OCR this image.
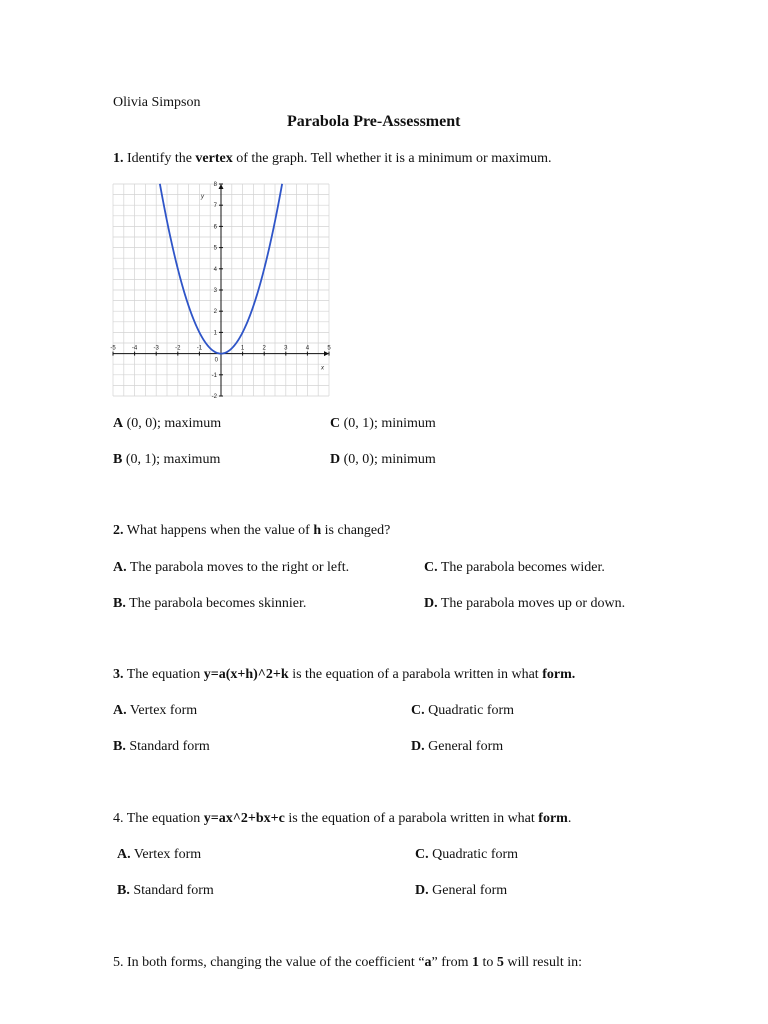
Olivia Simpson
Parabola Pre-Assessment
1. Identify the vertex of the graph. Tell whether it is a minimum or maximum.
-5	-4	-3	-2	-1	1	2	3	4	5
0
-2
-1
1
2
3
4
5
6
7
8
x
y
A (0, 0); maximum	C (0, 1); minimum
B (0, 1); maximum	D (0, 0); minimum
2. What happens when the value of h is changed?
A. The parabola moves to the right or left.	C. The parabola becomes wider.
B. The parabola becomes skinnier.	D. The parabola moves up or down.
3. The equation y=a(x+h)^2+k is the equation of a parabola written in what form.
A. Vertex form	C. Quadratic form
B. Standard form	D. General form
4. The equation y=ax^2+bx+c is the equation of a parabola written in what form.
A. Vertex form	C. Quadratic form
B. Standard form	D. General form
5. In both forms, changing the value of the coefficient “a” from 1 to 5 will result in:
